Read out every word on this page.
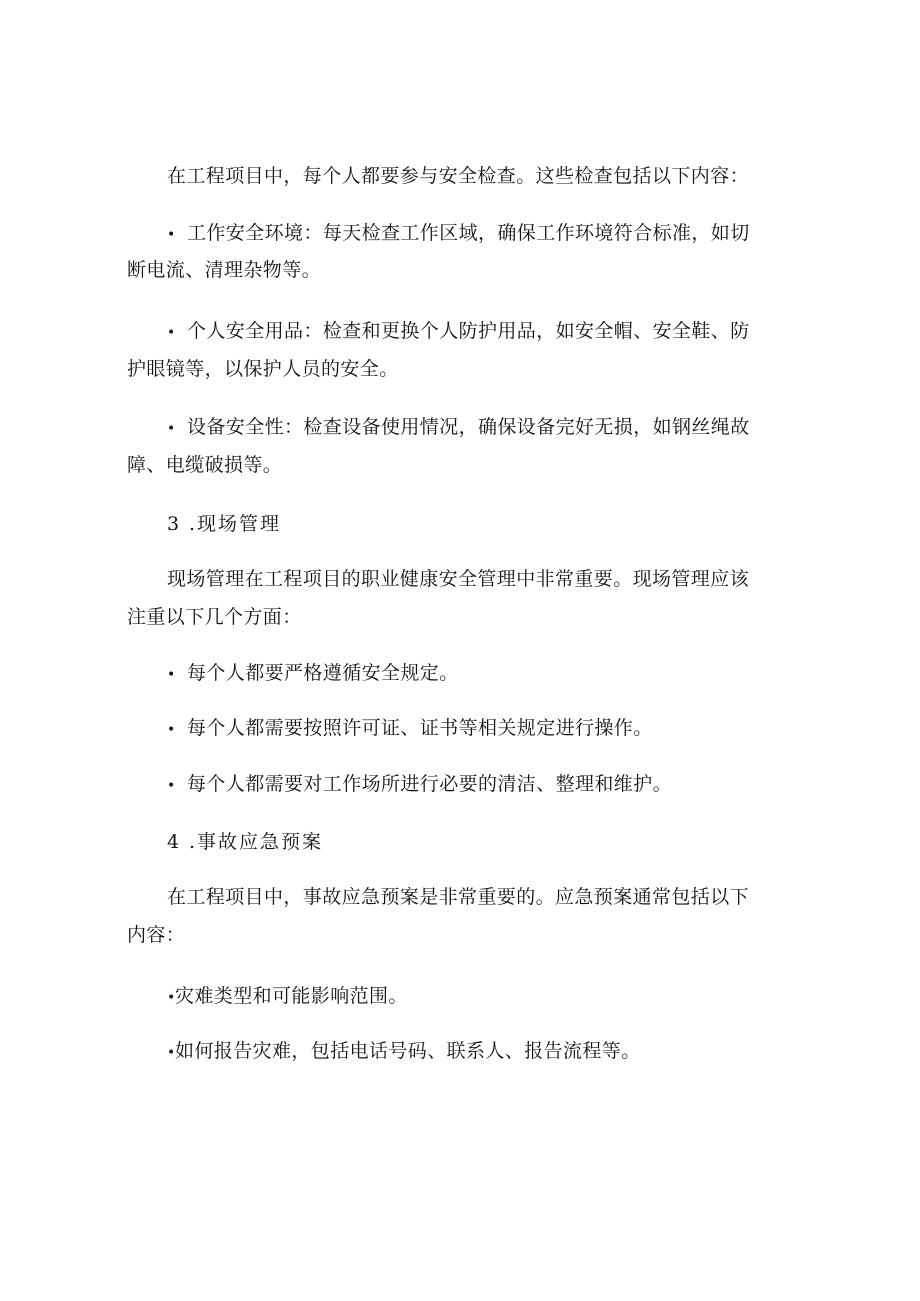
在工程项目中，每个人都要参与安全检查。这些检查包括以下内容：
• 工作安全环境：每天检查工作区域，确保工作环境符合标准，如切
断电流、清理杂物等。
• 个人安全用品：检查和更换个人防护用品，如安全帽、安全鞋、防
护眼镜等，以保护人员的安全。
• 设备安全性：检查设备使用情况，确保设备完好无损，如钢丝绳故
障、电缆破损等。
3 .现场管理
现场管理在工程项目的职业健康安全管理中非常重要。现场管理应该
注重以下几个方面：
• 每个人都要严格遵循安全规定。
• 每个人都需要按照许可证、证书等相关规定进行操作。
• 每个人都需要对工作场所进行必要的清洁、整理和维护。
4 .事故应急预案
在工程项目中，事故应急预案是非常重要的。应急预案通常包括以下
内容：
•灾难类型和可能影响范围。
•如何报告灾难，包括电话号码、联系人、报告流程等。
